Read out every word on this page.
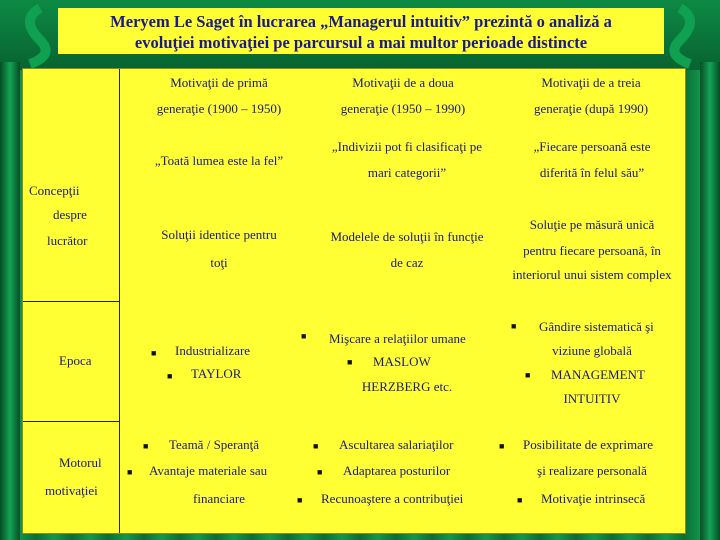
Meryem Le Saget în lucrarea „Managerul intuitiv” prezintă o analiză a
evoluţiei motivaţiei pe parcursul a mai multor perioade distincte
Motivaţii de primă
generaţie (1900 – 1950)
Motivaţii de a doua
generaţie (1950 – 1990)
Motivaţii de a treia
generaţie (după 1990)
Concepţii
despre
lucrător
Epoca
Motorul
motivaţiei
„Toată lumea este la fel”
Soluţii identice pentru
toţi
„Indivizii pot fi clasificaţi pe
mari categorii”
Modelele de soluţii în funcţie
de caz
„Fiecare persoană este
diferită în felul său”
Soluţie pe măsură unică
pentru fiecare persoană, în
interiorul unui sistem complex
■ Industrializare
■ TAYLOR
■ Mişcare a relaţiilor umane
■ MASLOW
HERZBERG etc.
■ Gândire sistematică şi
viziune globală
■ MANAGEMENT
INTUITIV
■ Teamă / Speranţă
■ Avantaje materiale sau
financiare
■ Ascultarea salariaţilor
■ Adaptarea posturilor
■ Recunoaştere a contribuţiei
■ Posibilitate de exprimare
şi realizare personală
■ Motivaţie intrinsecă
